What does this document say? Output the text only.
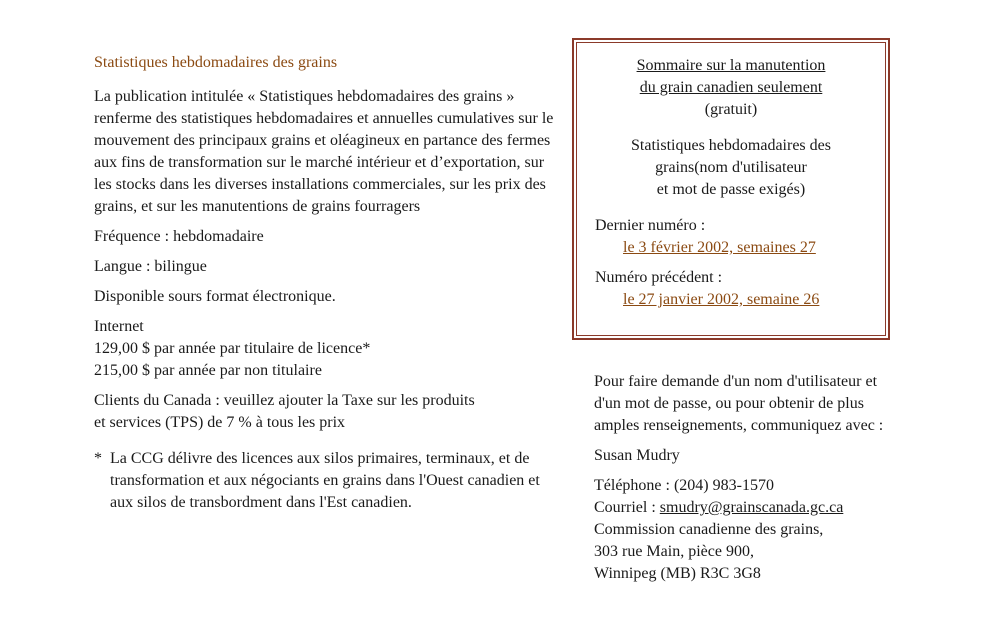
Statistiques hebdomadaires des grains
La publication intitulée « Statistiques hebdomadaires des grains » renferme des statistiques hebdomadaires et annuelles cumulatives sur le mouvement des principaux grains et oléagineux en partance des fermes aux fins de transformation sur le marché intérieur et d’exportation, sur les stocks dans les diverses installations commerciales, sur les prix des grains, et sur les manutentions de grains fourragers
Fréquence : hebdomadaire
Langue : bilingue
Disponible sours format électronique.
Internet
129,00 $ par année par titulaire de licence*
215,00 $ par année par non titulaire
Clients du Canada : veuillez ajouter la Taxe sur les produits
et services (TPS) de 7 % à tous les prix
* La CCG délivre des licences aux silos primaires, terminaux, et de transformation et aux négociants en grains dans l'Ouest canadien et aux silos de transbordment dans l'Est canadien.
Sommaire sur la manutention
du grain canadien seulement
(gratuit)
Statistiques hebdomadaires des
grains(nom d'utilisateur
et mot de passe exigés)
Dernier numéro :
le 3 février 2002, semaines 27
Numéro précédent :
le 27 janvier 2002, semaine 26
Pour faire demande d'un nom d'utilisateur et d'un mot de passe, ou pour obtenir de plus amples renseignements, communiquez avec :
Susan Mudry
Téléphone : (204) 983-1570
Courriel : smudry@grainscanada.gc.ca
Commission canadienne des grains,
303 rue Main, pièce 900,
Winnipeg (MB) R3C 3G8
